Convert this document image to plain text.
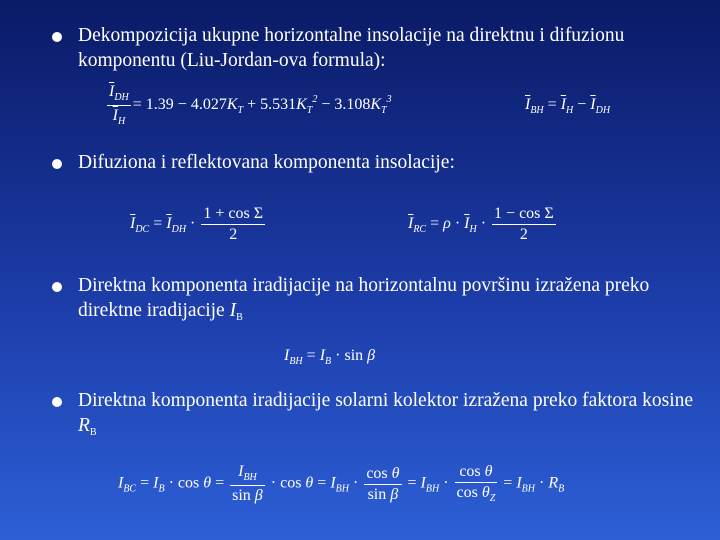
Dekompozicija ukupne horizontalne insolacije na direktnu i difuzionu komponentu (Liu-Jordan-ova formula):
$\frac{\overline{I}_{DH}}{\overline{I}_H} = 1.39 - 4.027K_T + 5.531K_T^2 - 3.108K_T^3$	$\overline{I}_{BH} = \overline{I}_H - \overline{I}_{DH}$
Difuziona i reflektovana komponenta insolacije:
$\overline{I}_{DC} = \overline{I}_{DH} \cdot \frac{\text{1 + cos Σ}}{2}$	$\overline{I}_{RC} = \rho \cdot \overline{I}_H \cdot \frac{\text{1 − cos Σ}}{2}$
Direktna komponenta iradijacije na horizontalnu površinu izražena preko direktne iradijacije $I_B$
$I_{BH} = I_B \cdot \sin \beta$
Direktna komponenta iradijacije solarni kolektor izražena preko faktora kosine $R_B$
$I_{BC} = I_B \cdot \cos \theta = \frac{I_{BH}}{\text{sin β}} \cdot \cos \theta = I_{BH} \cdot \frac{\text{cos θ}}{\text{sin β}} = I_{BH} \cdot \frac{\text{cos θ}}{\cos \theta_Z} = I_{BH} \cdot R_B$
